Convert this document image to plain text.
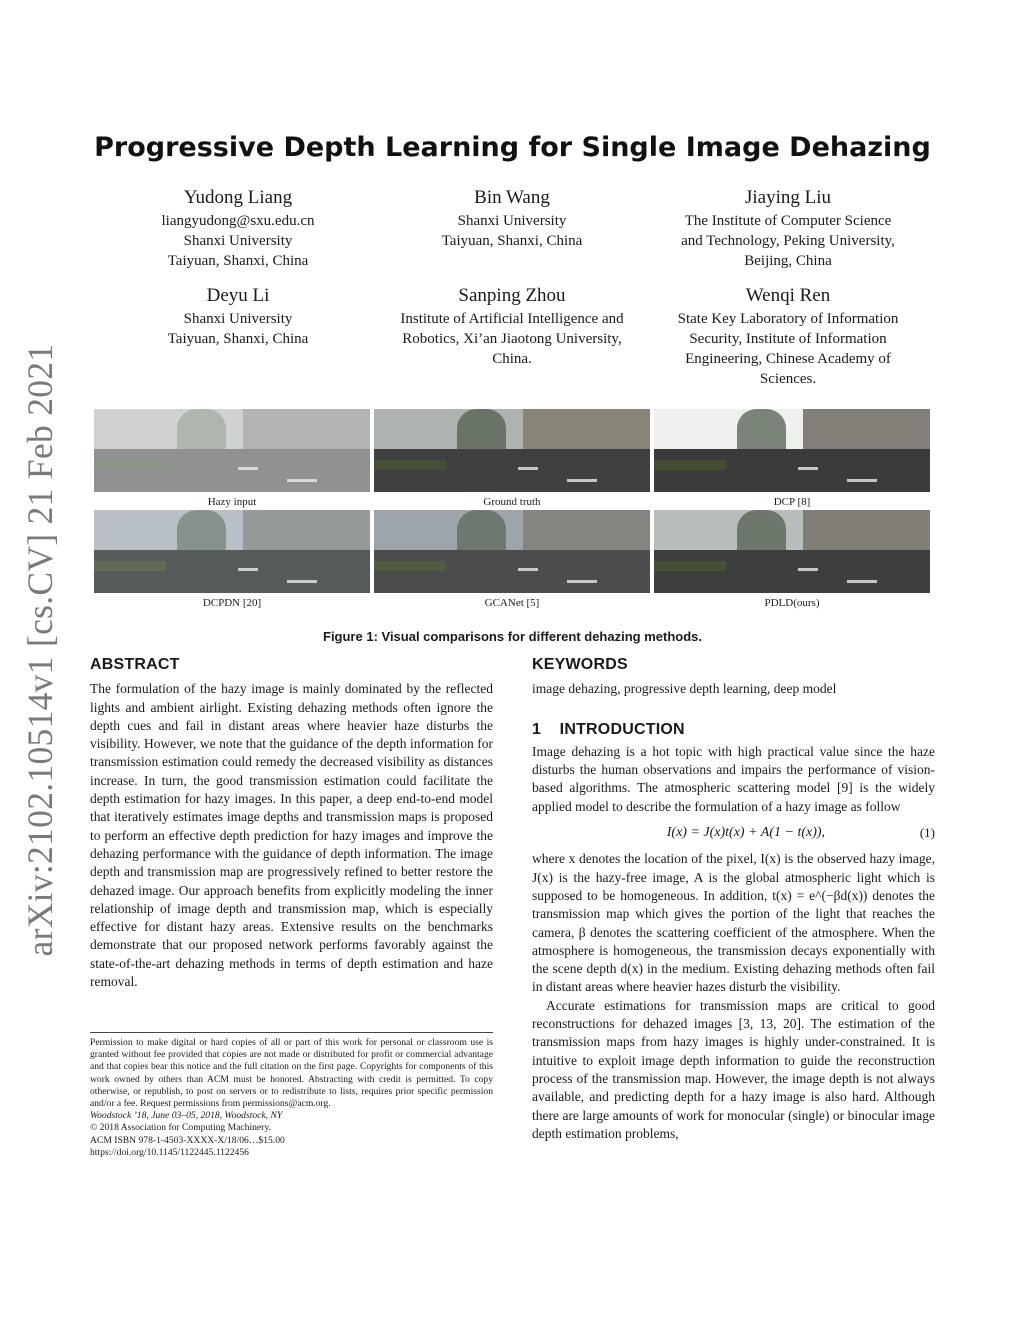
arXiv:2102.10514v1 [cs.CV] 21 Feb 2021
Progressive Depth Learning for Single Image Dehazing
Yudong Liang
liangyudong@sxu.edu.cn
Shanxi University
Taiyuan, Shanxi, China
Bin Wang
Shanxi University
Taiyuan, Shanxi, China
Jiaying Liu
The Institute of Computer Science
and Technology, Peking University,
Beijing, China
Deyu Li
Shanxi University
Taiyuan, Shanxi, China
Sanping Zhou
Institute of Artificial Intelligence and
Robotics, Xi’an Jiaotong University,
China.
Wenqi Ren
State Key Laboratory of Information
Security, Institute of Information
Engineering, Chinese Academy of
Sciences.
Hazy input	Ground truth	DCP [8]
DCPDN [20]	GCANet [5]	PDLD(ours)
Figure 1: Visual comparisons for different dehazing methods.
ABSTRACT

The formulation of the hazy image is mainly dominated by the reflected lights and ambient airlight. Existing dehazing methods often ignore the depth cues and fail in distant areas where heavier haze disturbs the visibility. However, we note that the guidance of the depth information for transmission estimation could remedy the decreased visibility as distances increase. In turn, the good transmission estimation could facilitate the depth estimation for hazy images. In this paper, a deep end-to-end model that iteratively estimates image depths and transmission maps is proposed to perform an effective depth prediction for hazy images and improve the dehazing performance with the guidance of depth information. The image depth and transmission map are progressively refined to better restore the dehazed image. Our approach benefits from explicitly modeling the inner relationship of image depth and transmission map, which is especially effective for distant hazy areas. Extensive results on the benchmarks demonstrate that our proposed network performs favorably against the state-of-the-art dehazing methods in terms of depth estimation and haze removal.

Permission to make digital or hard copies of all or part of this work for personal or classroom use is granted without fee provided that copies are not made or distributed for profit or commercial advantage and that copies bear this notice and the full citation on the first page. Copyrights for components of this work owned by others than ACM must be honored. Abstracting with credit is permitted. To copy otherwise, or republish, to post on servers or to redistribute to lists, requires prior specific permission and/or a fee. Request permissions from permissions@acm.org.
Woodstock ’18, June 03–05, 2018, Woodstock, NY
© 2018 Association for Computing Machinery.
ACM ISBN 978-1-4503-XXXX-X/18/06…$15.00
https://doi.org/10.1145/1122445.1122456
KEYWORDS

image dehazing, progressive depth learning, deep model

1    INTRODUCTION

Image dehazing is a hot topic with high practical value since the haze disturbs the human observations and impairs the performance of vision-based algorithms. The atmospheric scattering model [9] is the widely applied model to describe the formulation of a hazy image as follow

I(x) = J(x)t(x) + A(1 − t(x)),	(1)

where x denotes the location of the pixel, I(x) is the observed hazy image, J(x) is the hazy-free image, A is the global atmospheric light which is supposed to be homogeneous. In addition, t(x) = e^(−βd(x)) denotes the transmission map which gives the portion of the light that reaches the camera, β denotes the scattering coefficient of the atmosphere. When the atmosphere is homogeneous, the transmission decays exponentially with the scene depth d(x) in the medium. Existing dehazing methods often fail in distant areas where heavier hazes disturb the visibility.

Accurate estimations for transmission maps are critical to good reconstructions for dehazed images [3, 13, 20]. The estimation of the transmission maps from hazy images is highly under-constrained. It is intuitive to exploit image depth information to guide the reconstruction process of the transmission map. However, the image depth is not always available, and predicting depth for a hazy image is also hard. Although there are large amounts of work for monocular (single) or binocular image depth estimation problems,
